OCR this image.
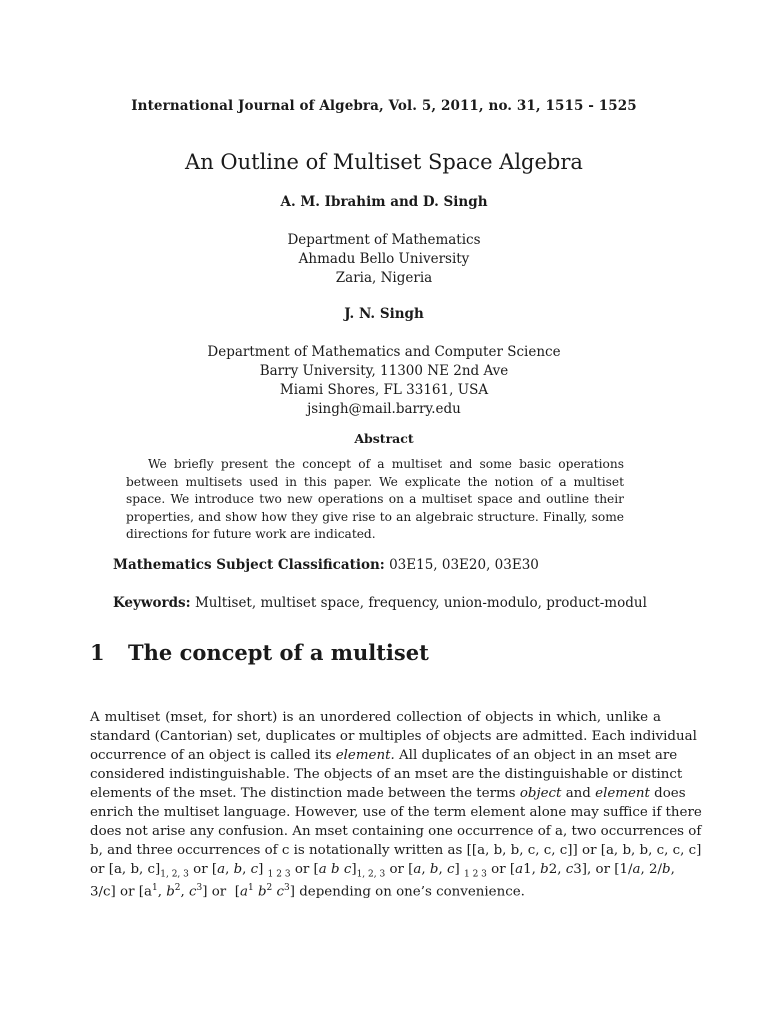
International Journal of Algebra, Vol. 5, 2011, no. 31, 1515 - 1525
An Outline of Multiset Space Algebra
A. M. Ibrahim and D. Singh
Department of Mathematics
Ahmadu Bello University
Zaria, Nigeria
J. N. Singh
Department of Mathematics and Computer Science
Barry University, 11300 NE 2nd Ave
Miami Shores, FL 33161, USA
jsingh@mail.barry.edu
Abstract
We briefly present the concept of a multiset and some basic operations between multisets used in this paper. We explicate the notion of a multiset space. We introduce two new operations on a multiset space and outline their properties, and show how they give rise to an algebraic structure. Finally, some directions for future work are indicated.
Mathematics Subject Classification: 03E15, 03E20, 03E30
Keywords: Multiset, multiset space, frequency, union-modulo, product-modul
1 The concept of a multiset
A multiset (mset, for short) is an unordered collection of objects in which, unlike a
standard (Cantorian) set, duplicates or multiples of objects are admitted. Each individual
occurrence of an object is called its element. All duplicates of an object in an mset are
considered indistinguishable. The objects of an mset are the distinguishable or distinct
elements of the mset. The distinction made between the terms object and element does
enrich the multiset language. However, use of the term element alone may suffice if there
does not arise any confusion. An mset containing one occurrence of a, two occurrences of
b, and three occurrences of c is notationally written as [[a, b, b, c, c, c]] or [a, b, b, c, c, c]
or [a, b, $c]_{1, 2, 3}$ or [a, b, c] $_{1 2 3}$ or [a b $c]_{1, 2, 3}$ or [a, b, c] $_{1 2 3}$ or [a1, b2, c3], or [1/a, 2/b,
3/c] or [$a^1$, $b^2$, $c^3$] or  [$a^1$ $b^2$ $c^3$] depending on one’s convenience.
